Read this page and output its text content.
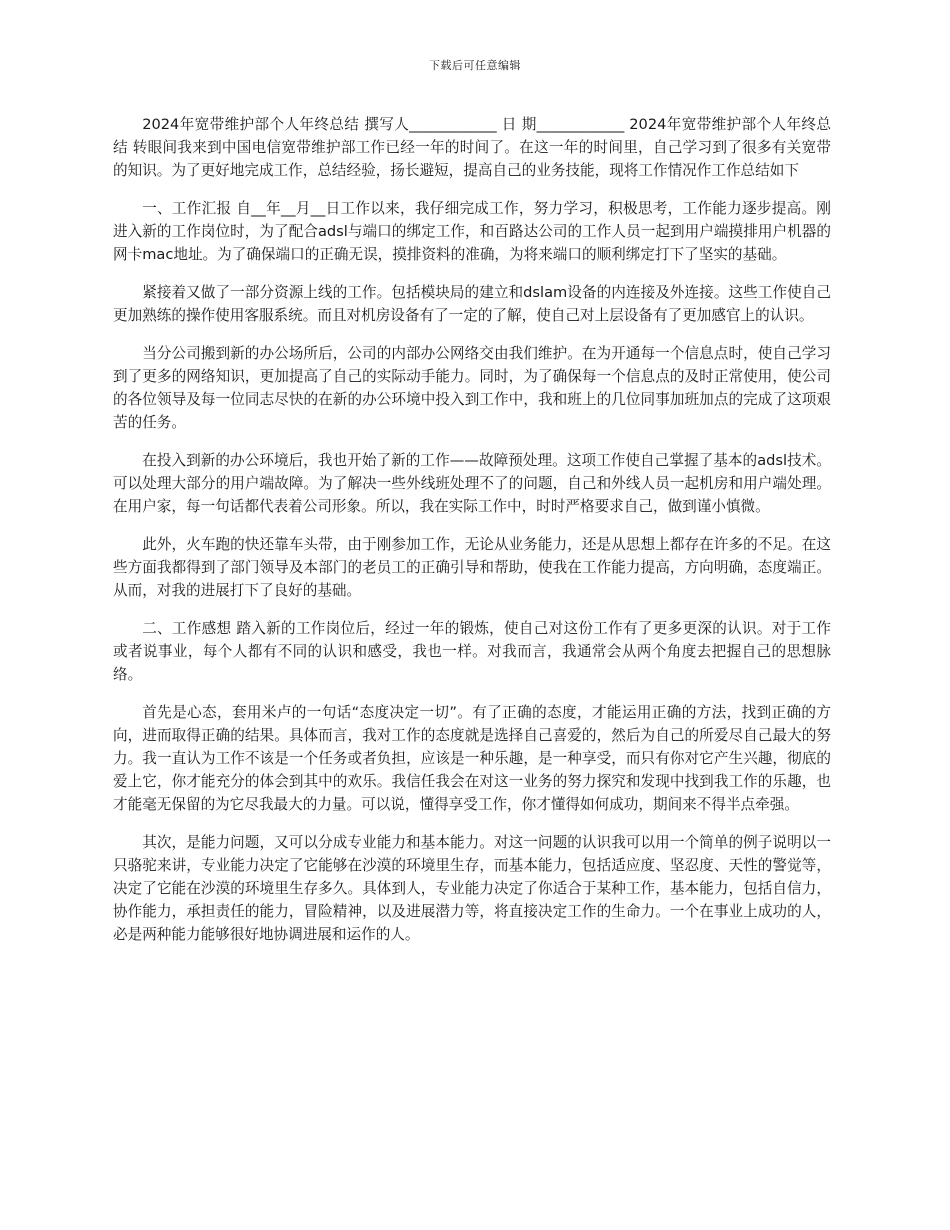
下载后可任意编辑

2024年宽带维护部个人年终总结 撰写人____________ 日 期____________ 2024年宽带维护部个人年终总结 转眼间我来到中国电信宽带维护部工作已经一年的时间了。在这一年的时间里，自己学习到了很多有关宽带的知识。为了更好地完成工作，总结经验，扬长避短，提高自己的业务技能，现将工作情况作工作总结如下

一、工作汇报 自__年__月__日工作以来，我仔细完成工作，努力学习，积极思考，工作能力逐步提高。刚进入新的工作岗位时，为了配合adsl与端口的绑定工作，和百路达公司的工作人员一起到用户端摸排用户机器的网卡mac地址。为了确保端口的正确无误，摸排资料的准确，为将来端口的顺利绑定打下了坚实的基础。

紧接着又做了一部分资源上线的工作。包括模块局的建立和dslam设备的内连接及外连接。这些工作使自己更加熟练的操作使用客服系统。而且对机房设备有了一定的了解，使自己对上层设备有了更加感官上的认识。

当分公司搬到新的办公场所后，公司的内部办公网络交由我们维护。在为开通每一个信息点时，使自己学习到了更多的网络知识，更加提高了自己的实际动手能力。同时，为了确保每一个信息点的及时正常使用，使公司的各位领导及每一位同志尽快的在新的办公环境中投入到工作中，我和班上的几位同事加班加点的完成了这项艰苦的任务。

在投入到新的办公环境后，我也开始了新的工作——故障预处理。这项工作使自己掌握了基本的adsl技术。可以处理大部分的用户端故障。为了解决一些外线班处理不了的问题，自己和外线人员一起机房和用户端处理。在用户家，每一句话都代表着公司形象。所以，我在实际工作中，时时严格要求自己，做到谨小慎微。

此外，火车跑的快还靠车头带，由于刚参加工作，无论从业务能力，还是从思想上都存在许多的不足。在这些方面我都得到了部门领导及本部门的老员工的正确引导和帮助，使我在工作能力提高，方向明确，态度端正。从而，对我的进展打下了良好的基础。

二、工作感想 踏入新的工作岗位后，经过一年的锻炼，使自己对这份工作有了更多更深的认识。对于工作或者说事业，每个人都有不同的认识和感受，我也一样。对我而言，我通常会从两个角度去把握自己的思想脉络。

首先是心态，套用米卢的一句话“态度决定一切”。有了正确的态度，才能运用正确的方法，找到正确的方向，进而取得正确的结果。具体而言，我对工作的态度就是选择自己喜爱的，然后为自己的所爱尽自己最大的努力。我一直认为工作不该是一个任务或者负担，应该是一种乐趣，是一种享受，而只有你对它产生兴趣，彻底的爱上它，你才能充分的体会到其中的欢乐。我信任我会在对这一业务的努力探究和发现中找到我工作的乐趣，也才能毫无保留的为它尽我最大的力量。可以说，懂得享受工作，你才懂得如何成功，期间来不得半点牵强。

其次，是能力问题，又可以分成专业能力和基本能力。对这一问题的认识我可以用一个简单的例子说明以一只骆驼来讲，专业能力决定了它能够在沙漠的环境里生存，而基本能力，包括适应度、坚忍度、天性的警觉等，决定了它能在沙漠的环境里生存多久。具体到人，专业能力决定了你适合于某种工作，基本能力，包括自信力，协作能力，承担责任的能力，冒险精神，以及进展潜力等，将直接决定工作的生命力。一个在事业上成功的人，必是两种能力能够很好地协调进展和运作的人。
